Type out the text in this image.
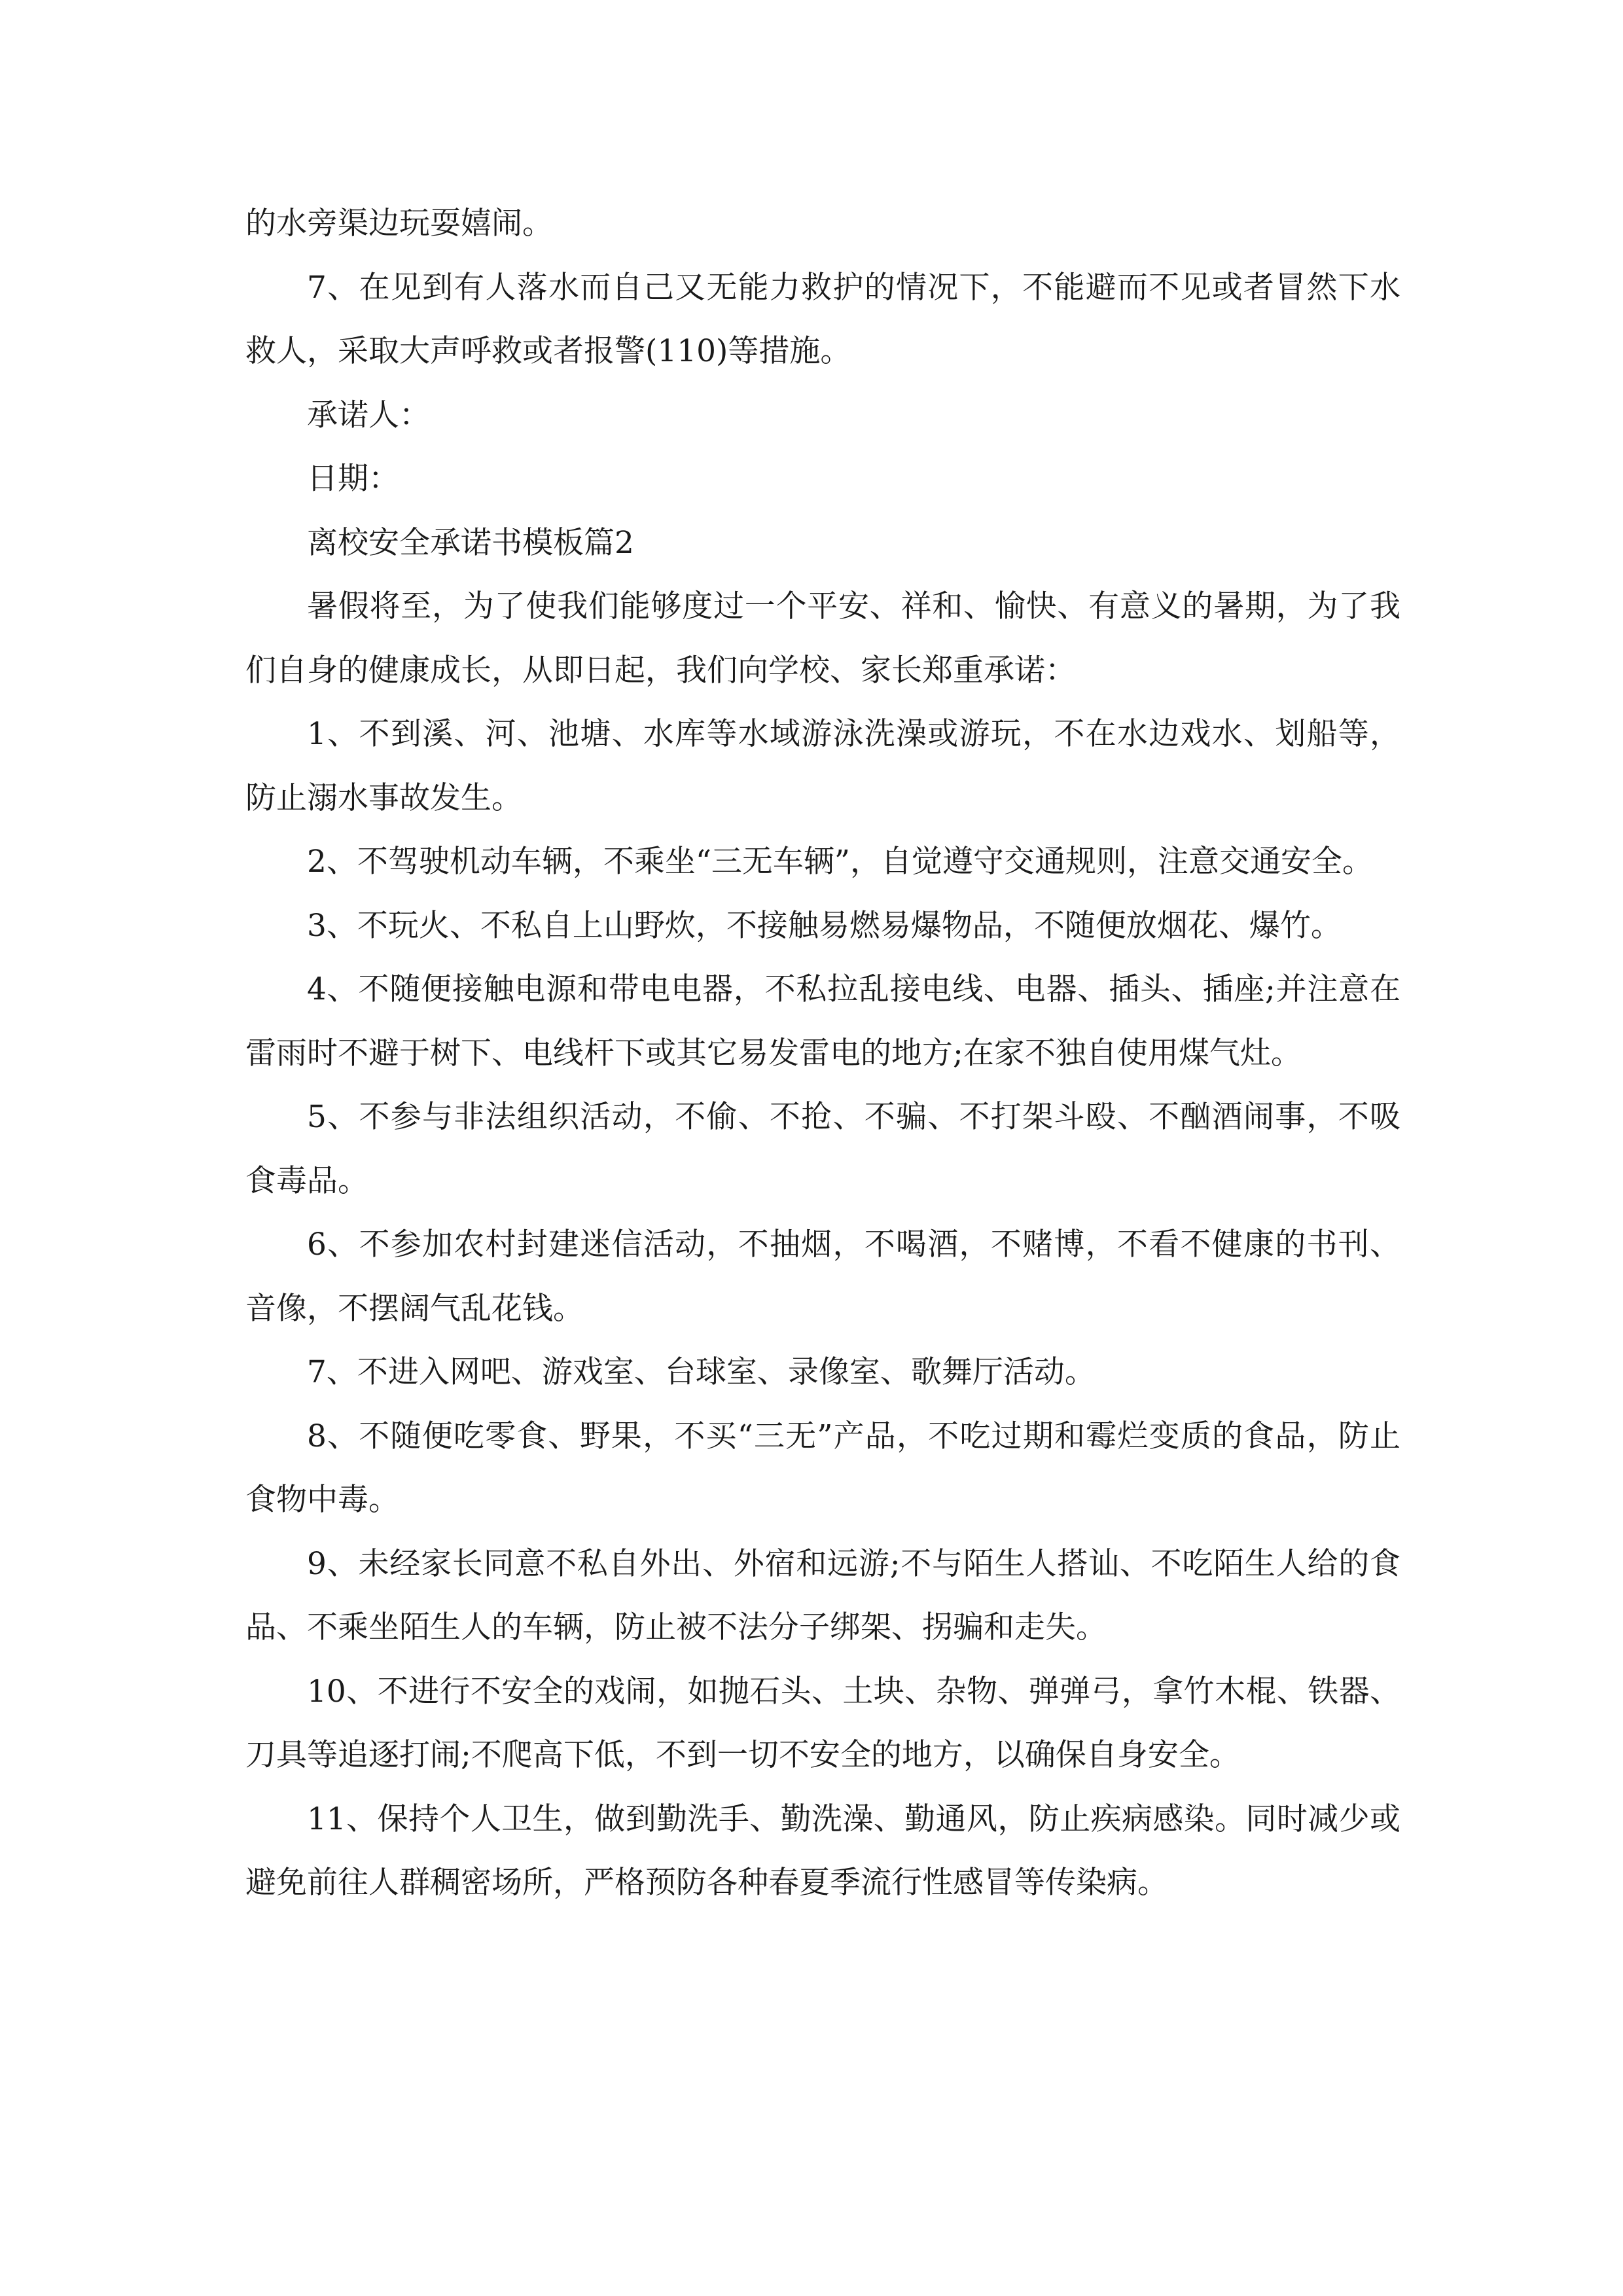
的水旁渠边玩耍嬉闹。

7、在见到有人落水而自己又无能力救护的情况下，不能避而不见或者冒然下水救人，采取大声呼救或者报警(110)等措施。

承诺人：

日期：

离校安全承诺书模板篇2

暑假将至，为了使我们能够度过一个平安、祥和、愉快、有意义的暑期，为了我们自身的健康成长，从即日起，我们向学校、家长郑重承诺：

1、不到溪、河、池塘、水库等水域游泳洗澡或游玩，不在水边戏水、划船等，防止溺水事故发生。

2、不驾驶机动车辆，不乘坐“三无车辆”，自觉遵守交通规则，注意交通安全。

3、不玩火、不私自上山野炊，不接触易燃易爆物品，不随便放烟花、爆竹。

4、不随便接触电源和带电电器，不私拉乱接电线、电器、插头、插座;并注意在雷雨时不避于树下、电线杆下或其它易发雷电的地方;在家不独自使用煤气灶。

5、不参与非法组织活动，不偷、不抢、不骗、不打架斗殴、不酗酒闹事，不吸食毒品。

6、不参加农村封建迷信活动，不抽烟，不喝酒，不赌博，不看不健康的书刊、音像，不摆阔气乱花钱。

7、不进入网吧、游戏室、台球室、录像室、歌舞厅活动。

8、不随便吃零食、野果，不买“三无”产品，不吃过期和霉烂变质的食品，防止食物中毒。

9、未经家长同意不私自外出、外宿和远游;不与陌生人搭讪、不吃陌生人给的食品、不乘坐陌生人的车辆，防止被不法分子绑架、拐骗和走失。

10、不进行不安全的戏闹，如抛石头、土块、杂物、弹弹弓，拿竹木棍、铁器、刀具等追逐打闹;不爬高下低，不到一切不安全的地方，以确保自身安全。

11、保持个人卫生，做到勤洗手、勤洗澡、勤通风，防止疾病感染。同时减少或避免前往人群稠密场所，严格预防各种春夏季流行性感冒等传染病。
